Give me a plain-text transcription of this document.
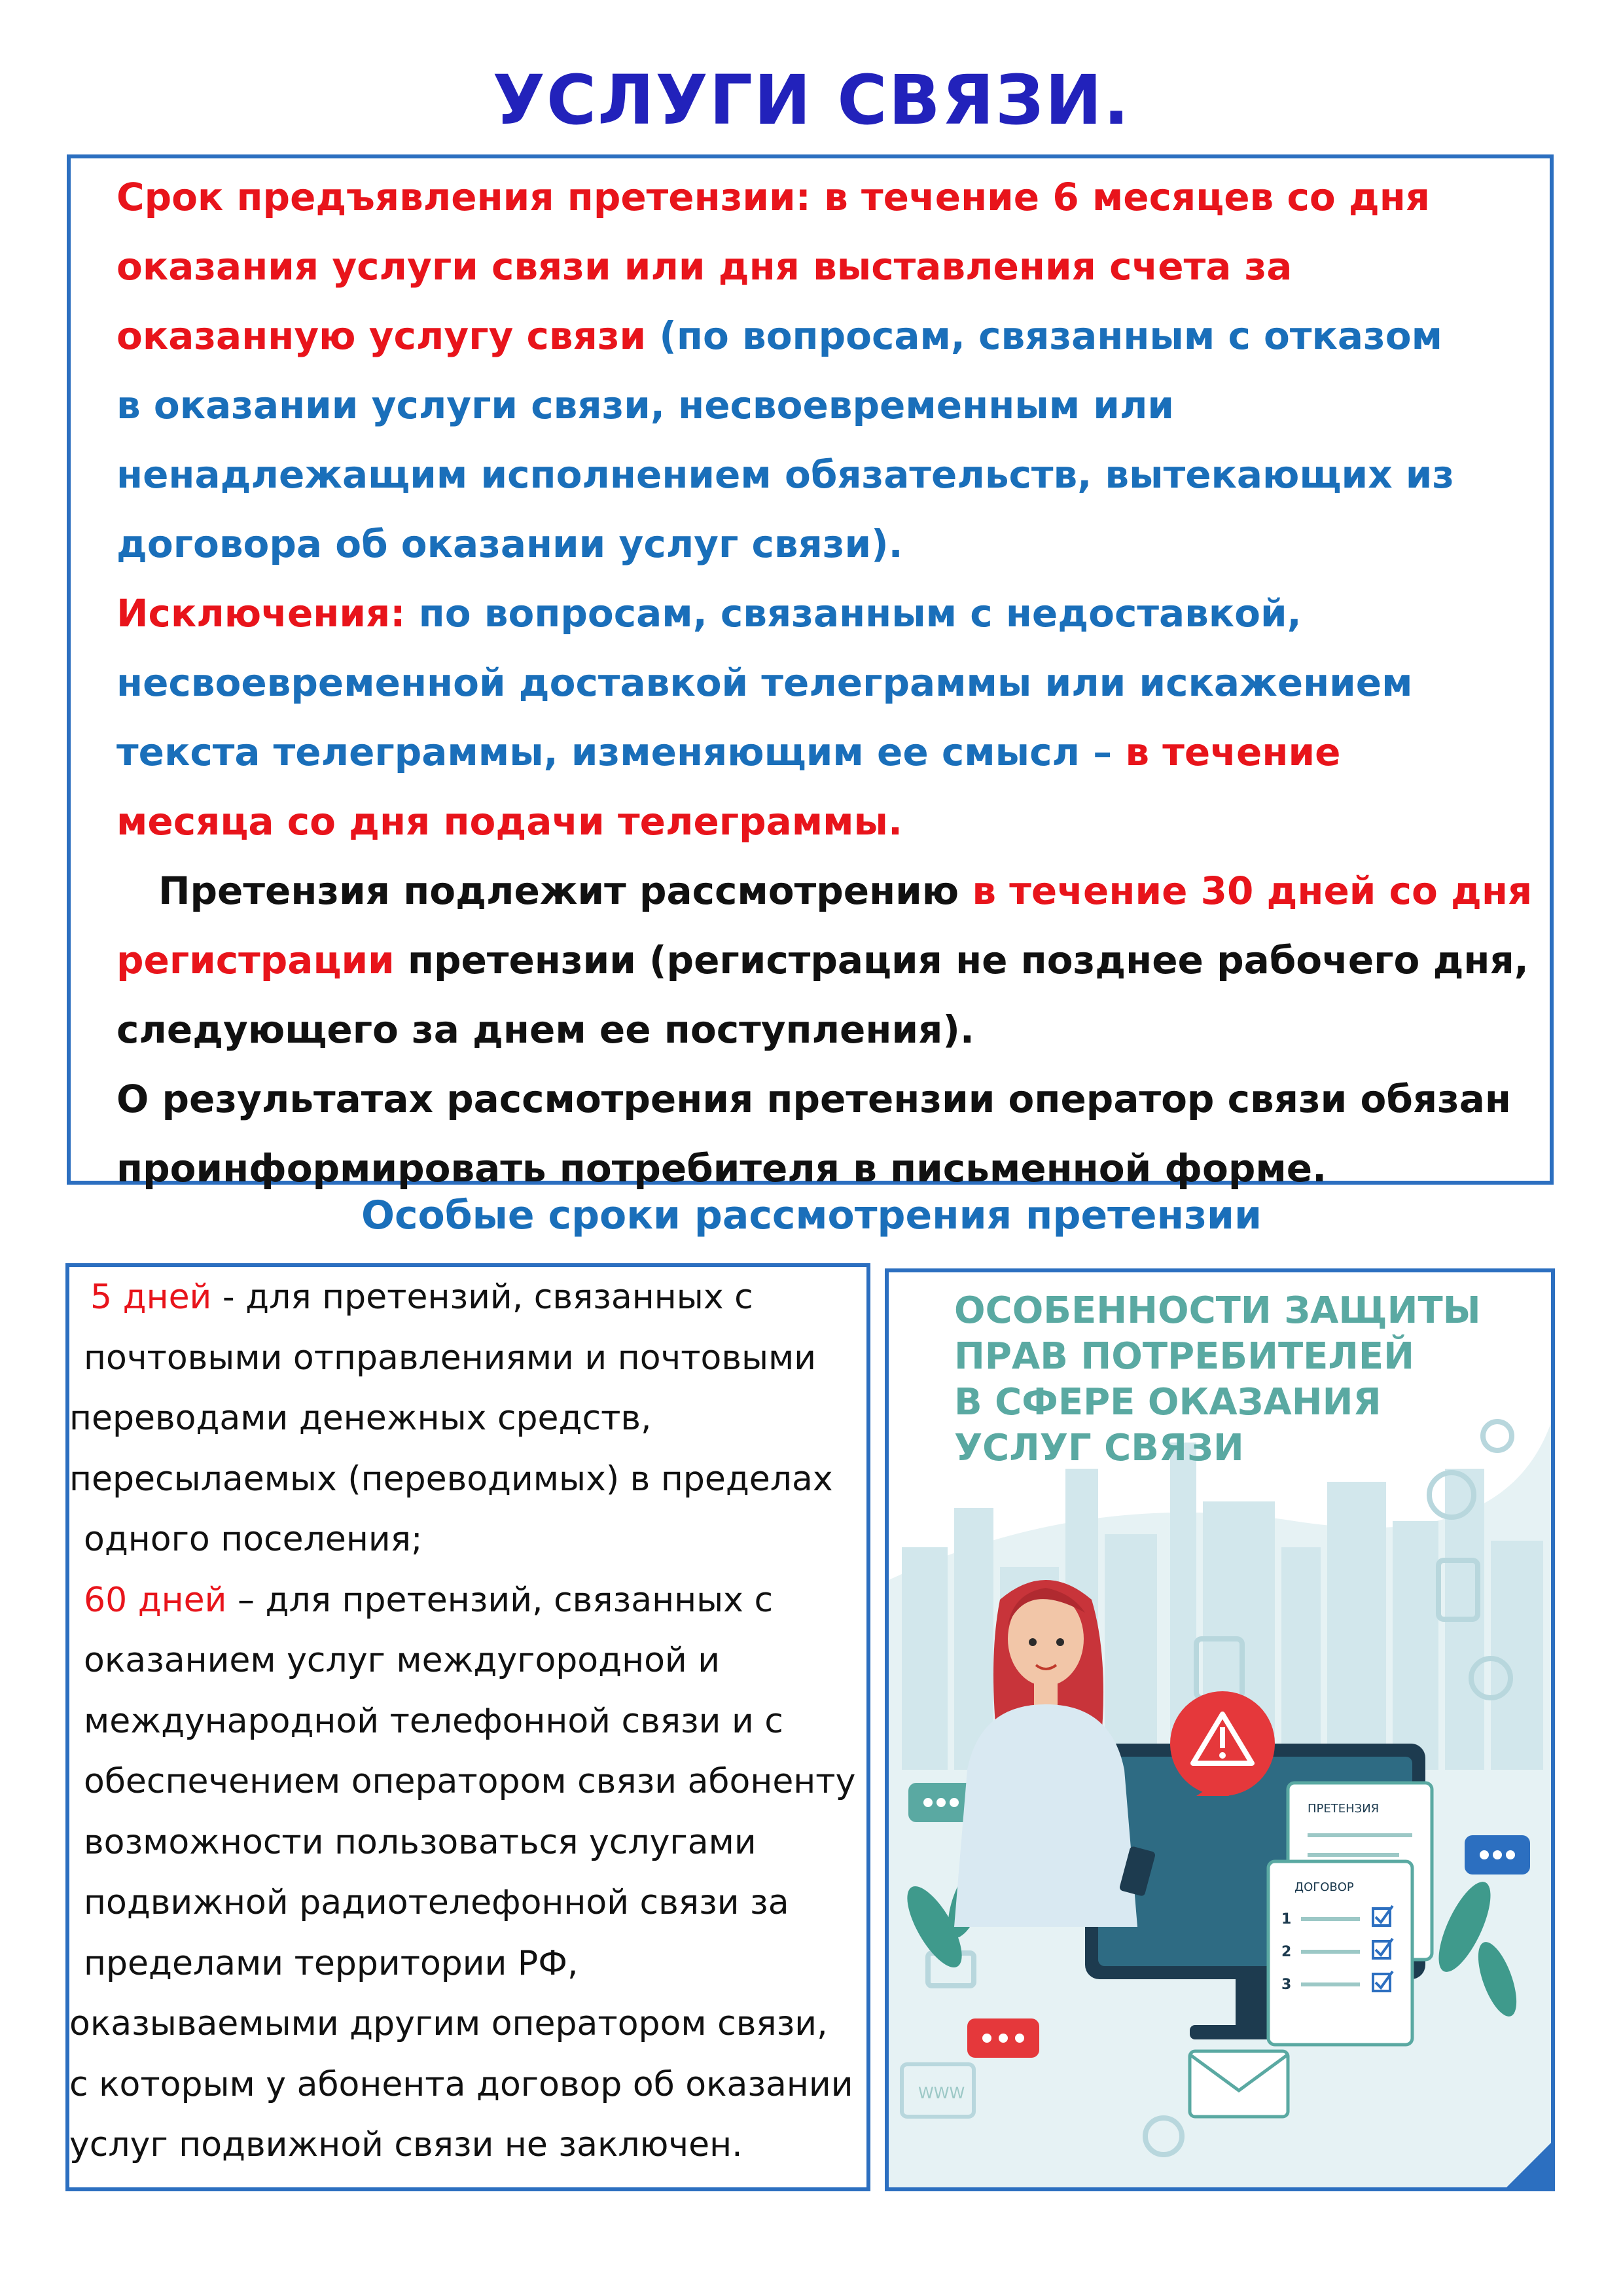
УСЛУГИ СВЯЗИ.
Срок предъявления претензии: в течение 6 месяцев со дня
оказания услуги связи или дня выставления счета за
оказанную услугу связи (по вопросам, связанным с отказом
в оказании услуги связи, несвоевременным или
ненадлежащим исполнением обязательств, вытекающих из
договора об оказании услуг связи).
Исключения: по вопросам, связанным с недоставкой,
несвоевременной доставкой телеграммы или искажением
текста телеграммы, изменяющим ее смысл – в течение
месяца со дня подачи телеграммы.
Претензия подлежит рассмотрению в течение 30 дней со дня
регистрации претензии (регистрация не позднее рабочего дня,
следующего за днем ее поступления).
О результатах рассмотрения претензии оператор связи обязан
проинформировать потребителя в письменной форме.
Особые сроки рассмотрения претензии
5 дней - для претензий, связанных с
почтовыми отправлениями и почтовыми
переводами денежных средств,
пересылаемых (переводимых) в пределах
одного поселения;
60 дней – для претензий, связанных с
оказанием услуг междугородной и
международной телефонной связи и с
обеспечением оператором связи абоненту
возможности пользоваться услугами
подвижной радиотелефонной связи за
пределами территории РФ,
оказываемыми другим оператором связи,
с которым у абонента договор об оказании
услуг подвижной связи не заключен.
ПРЕТЕНЗИЯ
ДОГОВОР
1
2
3
WWW
ОСОБЕННОСТИ ЗАЩИТЫ
ПРАВ ПОТРЕБИТЕЛЕЙ
В СФЕРЕ ОКАЗАНИЯ
УСЛУГ СВЯЗИ
